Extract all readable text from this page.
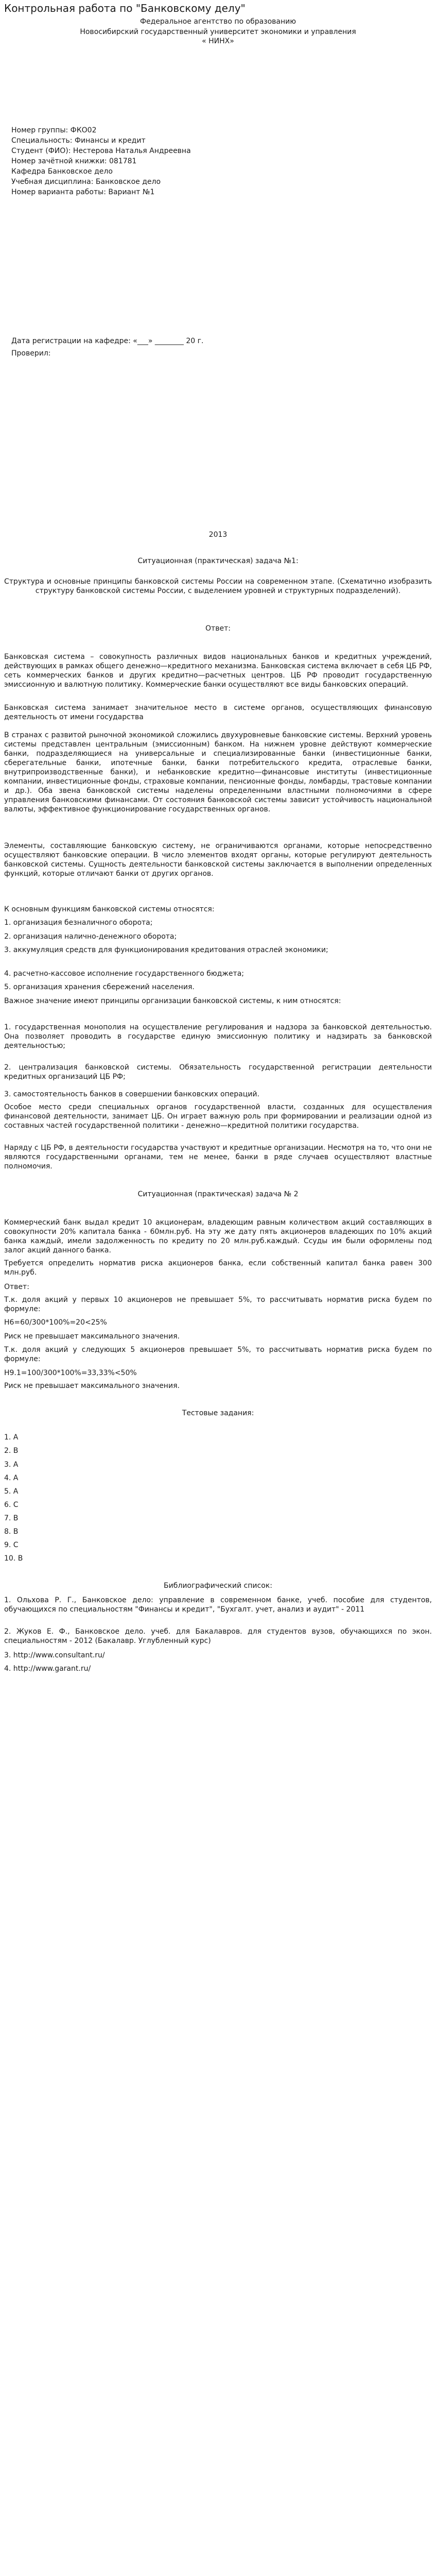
Контрольная работа по "Банковскому делу"

Федеральное агентство по образованию

Новосибирский государственный университет экономики и управления

« НИНХ»

Номер группы: ФКО02

Специальность: Финансы и кредит

Студент (ФИО): Нестерова Наталья Андреевна

Номер зачётной книжки: 081781

Кафедра Банковское дело

Учебная дисциплина: Банковское дело

Номер варианта работы: Вариант №1

Дата регистрации на кафедре: «___» ________ 20 г.

Проверил:

2013

Ситуационная (практическая) задача №1:

Структура и основные принципы банковской системы России на современном этапе. (Схематично изобразить структуру банковской системы России, с выделением уровней и структурных подразделений).

Ответ:

Банковская система – совокупность различных видов национальных банков и кредитных учреждений, действующих в рамках общего денежно—кредитного механизма. Банковская система включает в себя ЦБ РФ, сеть коммерческих банков и других кредитно—расчетных центров. ЦБ РФ проводит государственную эмиссионную и валютную политику. Коммерческие банки осуществляют все виды банковских операций.

Банковская система занимает значительное место в системе органов, осуществляющих финансовую деятельность от имени государства

В странах с развитой рыночной экономикой сложились двухуровневые банковские системы. Верхний уровень системы представлен центральным (эмиссионным) банком. На нижнем уровне действуют коммерческие банки, подразделяющиеся на универсальные и специализированные банки (инвестиционные банки, сберегательные банки, ипотечные банки, банки потребительского кредита, отраслевые банки, внутрипроизводственные банки), и небанковские кредитно—финансовые институты (инвестиционные компании, инвестиционные фонды, страховые компании, пенсионные фонды, ломбарды, трастовые компании и др.). Оба звена банковской системы наделены определенными властными полномочиями в сфере управления банковскими финансами. От состояния банковской системы зависит устойчивость национальной валюты, эффективное функционирование государственных органов.

Элементы, составляющие банковскую систему, не ограничиваются органами, которые непосредственно осуществляют банковские операции. В число элементов входят органы, которые регулируют деятельность банковской системы. Сущность деятельности банковской системы заключается в выполнении определенных функций, которые отличают банки от других органов.

К основным функциям банковской системы относятся:

1. организация безналичного оборота;

2. организация налично-денежного оборота;

3. аккумуляция средств для функционирования кредитования отраслей экономики;

4. расчетно-кассовое исполнение государственного бюджета;

5. организация хранения сбережений населения.

Важное значение имеют принципы организации банковской системы, к ним относятся:

1. государственная монополия на осуществление регулирования и надзора за банковской деятельностью. Она позволяет проводить в государстве единую эмиссионную политику и надзирать за банковской деятельностью;

2. централизация банковской системы. Обязательность государственной регистрации деятельности кредитных организаций ЦБ РФ;

3. самостоятельность банков в совершении банковских операций.

Особое место среди специальных органов государственной власти, созданных для осуществления финансовой деятельности, занимает ЦБ. Он играет важную роль при формировании и реализации одной из составных частей государственной политики - денежно—кредитной политики государства.

Наряду с ЦБ РФ, в деятельности государства участвуют и кредитные организации. Несмотря на то, что они не являются государственными органами, тем не менее, банки в ряде случаев осуществляют властные полномочия.

Ситуационная (практическая) задача № 2

Коммерческий банк выдал кредит 10 акционерам, владеющим равным количеством акций составляющих в совокупности 20% капитала банка - 60млн.руб. На эту же дату пять акционеров владеющих по 10% акций банка каждый, имели задолженность по кредиту по 20 млн.руб.каждый. Ссуды им были оформлены под залог акций данного банка.

Требуется определить норматив риска акционеров банка, если собственный капитал банка равен 300 млн.руб.

Ответ:

Т.к. доля акций у первых 10 акционеров не превышает 5%, то рассчитывать норматив риска будем по формуле:

Н6=60/300*100%=20<25%

Риск не превышает максимального значения.

Т.к. доля акций у следующих 5 акционеров превышает 5%, то рассчитывать норматив риска будем по формуле:

Н9.1=100/300*100%=33,33%<50%

Риск не превышает максимального значения.

Тестовые задания:

1. А

2. В

3. А

4. А

5. А

6. С

7. В

8. В

9. С

10. В

Библиографический список:

1. Ольхова Р. Г., Банковское дело: управление в современном банке, учеб. пособие для студентов, обучающихся по специальностям "Финансы и кредит", "Бухгалт. учет, анализ и аудит" - 2011

2. Жуков Е. Ф., Банковское дело. учеб. для Бакалавров. для студентов вузов, обучающихся по экон. специальностям - 2012 (Бакалавр. Углубленный курс)

3. http://www.consultant.ru/

4. http://www.garant.ru/
